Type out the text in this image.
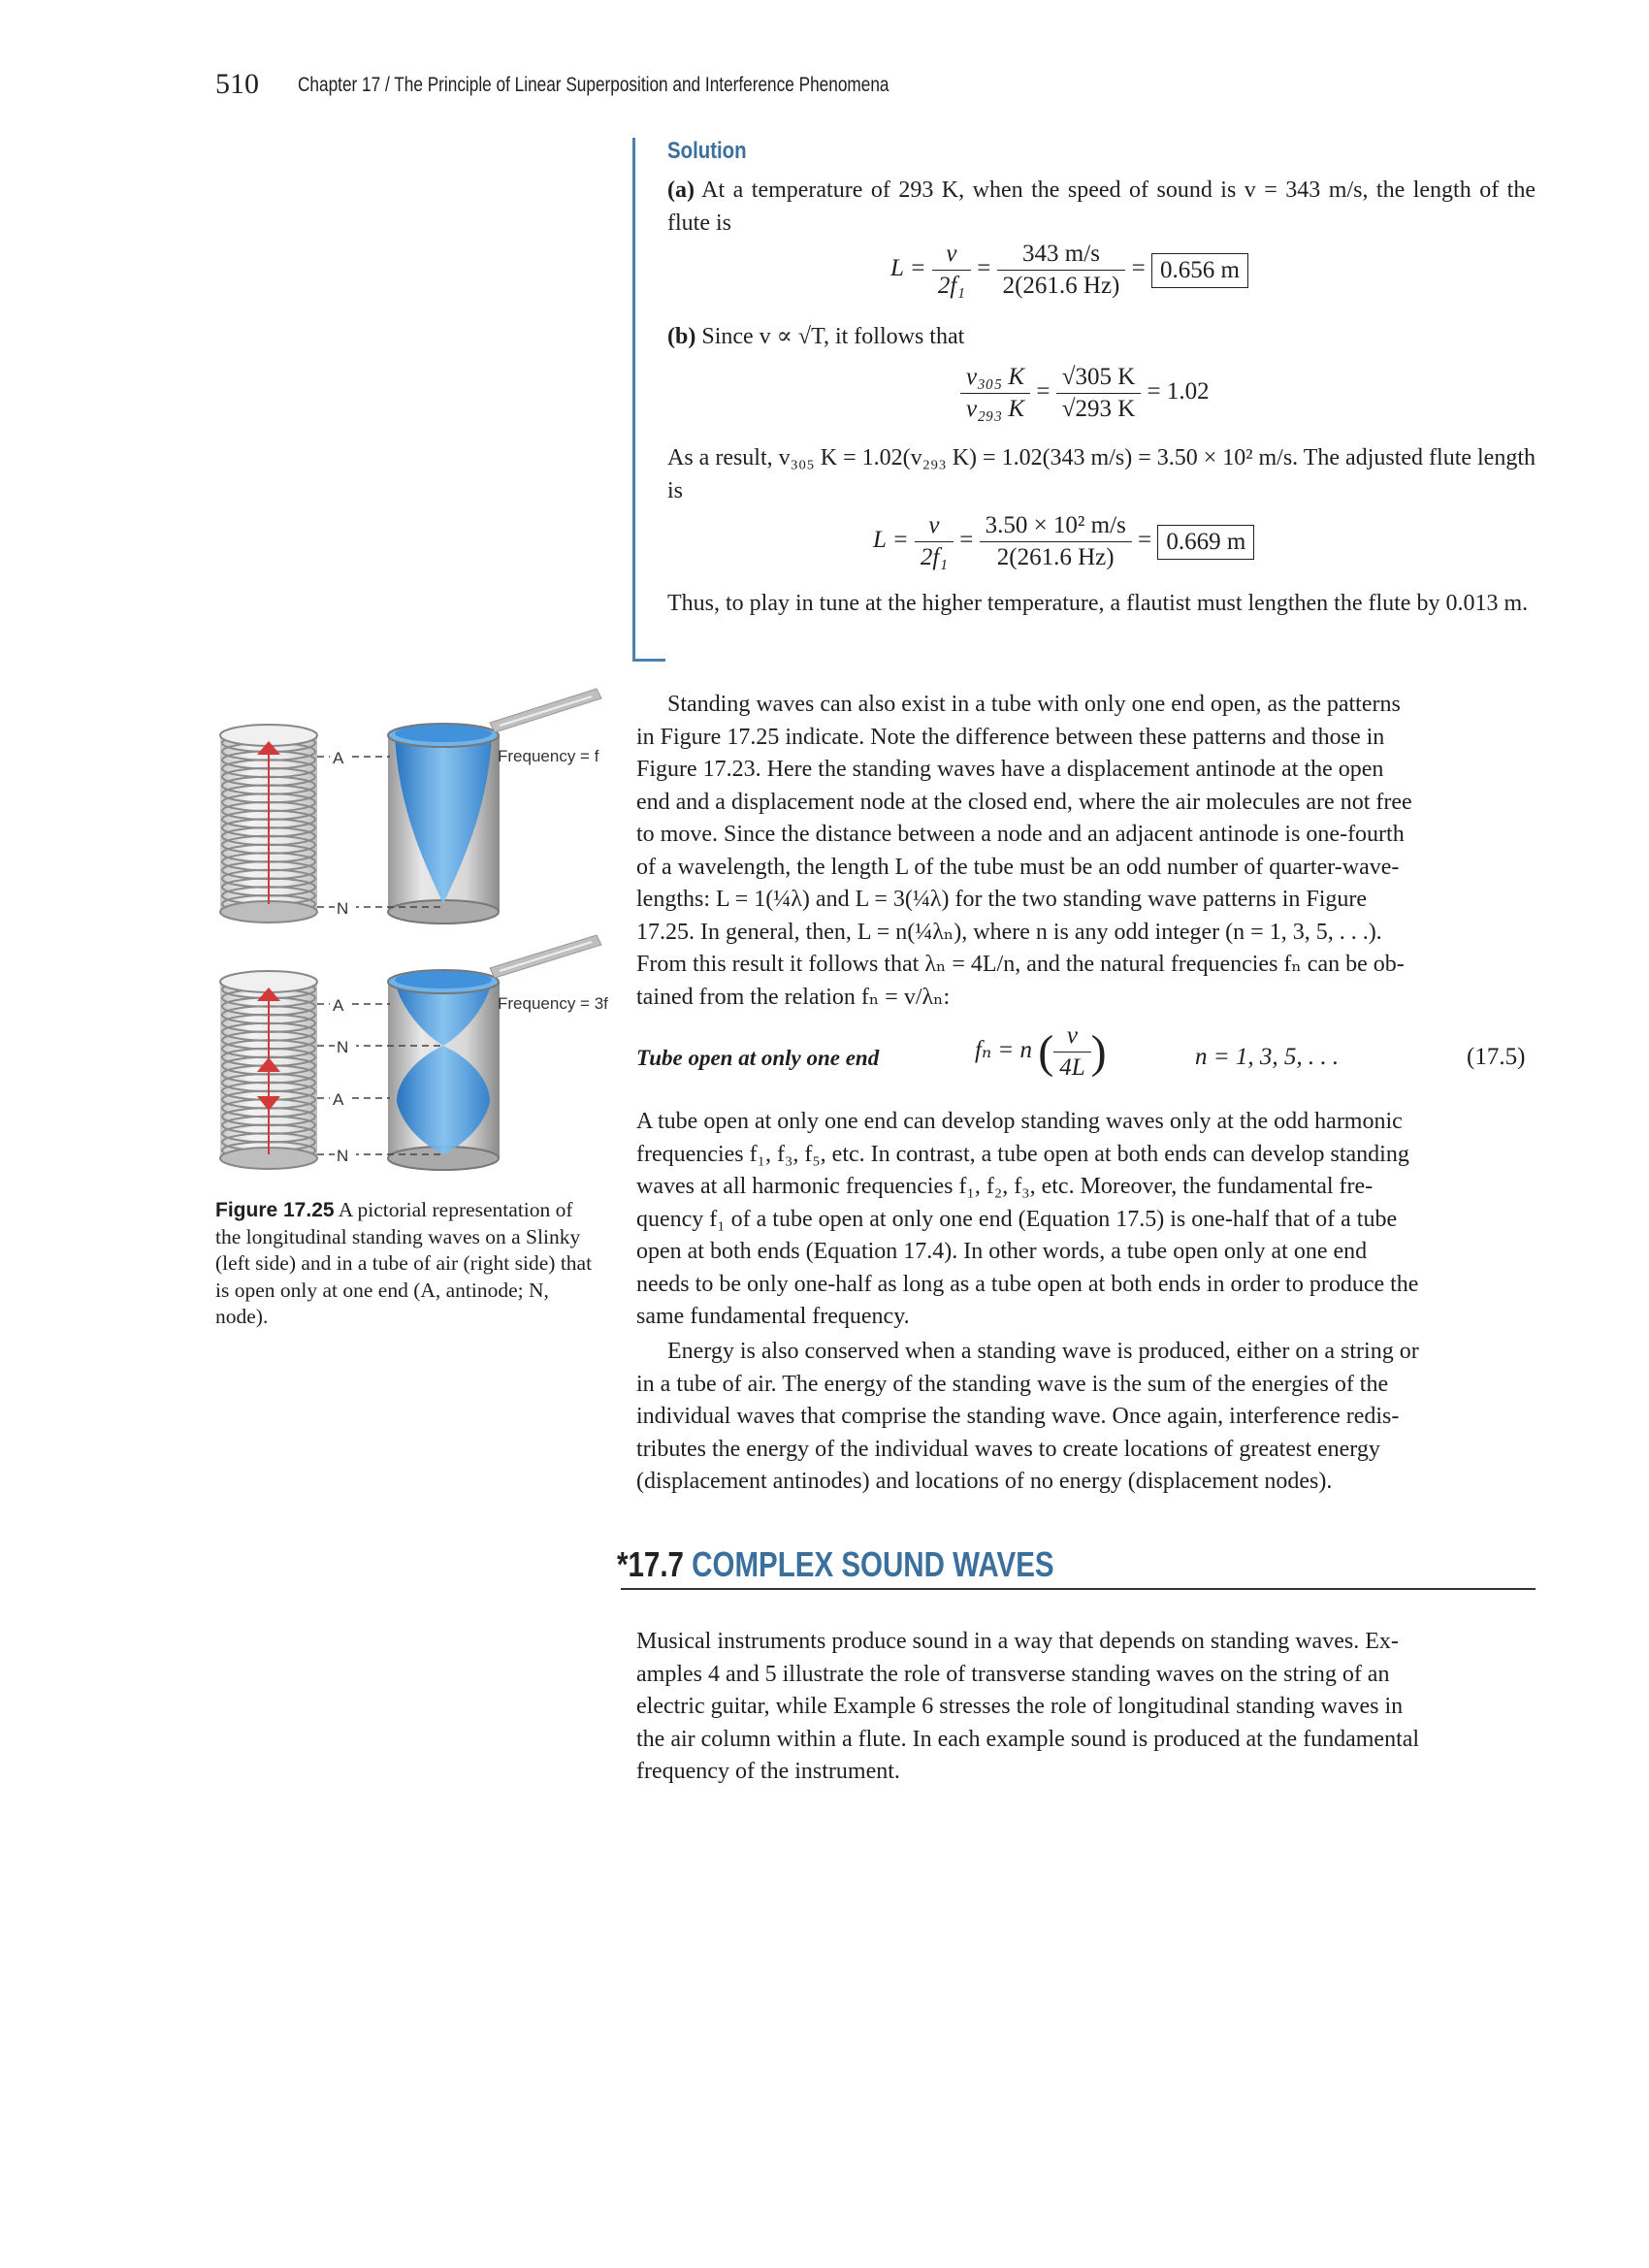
510 Chapter 17 / The Principle of Linear Superposition and Interference Phenomena
Solution
(a) At a temperature of 293 K, when the speed of sound is v = 343 m/s, the length of the flute is
$L = \frac{v}{\text{2f₁}} = \frac{343 m/s}{2(261.6 Hz)} = 0.656$ m
(b) Since v ∝ √T, it follows that
$\frac{\text{v₃₀₅ K}}{\text{v₂₉₃ K}} = \frac{√305 K}{√293 K} = 1.02$
As a result, v₃₀₅ K = 1.02(v₂₉₃ K) = 1.02(343 m/s) = 3.50 × 10² m/s. The adjusted flute length is
$L = \frac{v}{\text{2f₁}} = \frac{\text{3.50 × 10² m/s}}{2(261.6 Hz)} = 0.669$ m
Thus, to play in tune at the higher temperature, a flautist must lengthen the flute by 0.013 m.
Standing waves can also exist in a tube with only one end open, as the patterns
in Figure 17.25 indicate. Note the difference between these patterns and those in
Figure 17.23. Here the standing waves have a displacement antinode at the open
end and a displacement node at the closed end, where the air molecules are not free
to move. Since the distance between a node and an adjacent antinode is one-fourth
of a wavelength, the length L of the tube must be an odd number of quarter-wave-
lengths: L = 1(¼λ) and L = 3(¼λ) for the two standing wave patterns in Figure
17.25. In general, then, L = n(¼λₙ), where n is any odd integer (n = 1, 3, 5, . . .).
From this result it follows that λₙ = 4L/n, and the natural frequencies fₙ can be ob-
tained from the relation fₙ = v/λₙ:
Tube open at only one end	fₙ = n ( $\frac{v}{4L}$ )	n = 1, 3, 5, . . .	(17.5)
A tube open at only one end can develop standing waves only at the odd harmonic
frequencies f₁, f₃, f₅, etc. In contrast, a tube open at both ends can develop standing
waves at all harmonic frequencies f₁, f₂, f₃, etc. Moreover, the fundamental fre-
quency f₁ of a tube open at only one end (Equation 17.5) is one-half that of a tube
open at both ends (Equation 17.4). In other words, a tube open only at one end
needs to be only one-half as long as a tube open at both ends in order to produce the
same fundamental frequency.
Energy is also conserved when a standing wave is produced, either on a string or
in a tube of air. The energy of the standing wave is the sum of the energies of the
individual waves that comprise the standing wave. Once again, interference redis-
tributes the energy of the individual waves to create locations of greatest energy
(displacement antinodes) and locations of no energy (displacement nodes).
*17.7 COMPLEX SOUND WAVES
Musical instruments produce sound in a way that depends on standing waves. Ex-
amples 4 and 5 illustrate the role of transverse standing waves on the string of an
electric guitar, while Example 6 stresses the role of longitudinal standing waves in
the air column within a flute. In each example sound is produced at the fundamental
frequency of the instrument.
A
N
Frequency = f
A
N
A
N
Frequency = 3f
Figure 17.25 A pictorial representation of the longitudinal standing waves on a Slinky (left side) and in a tube of air (right side) that is open only at one end (A, antinode; N, node).
